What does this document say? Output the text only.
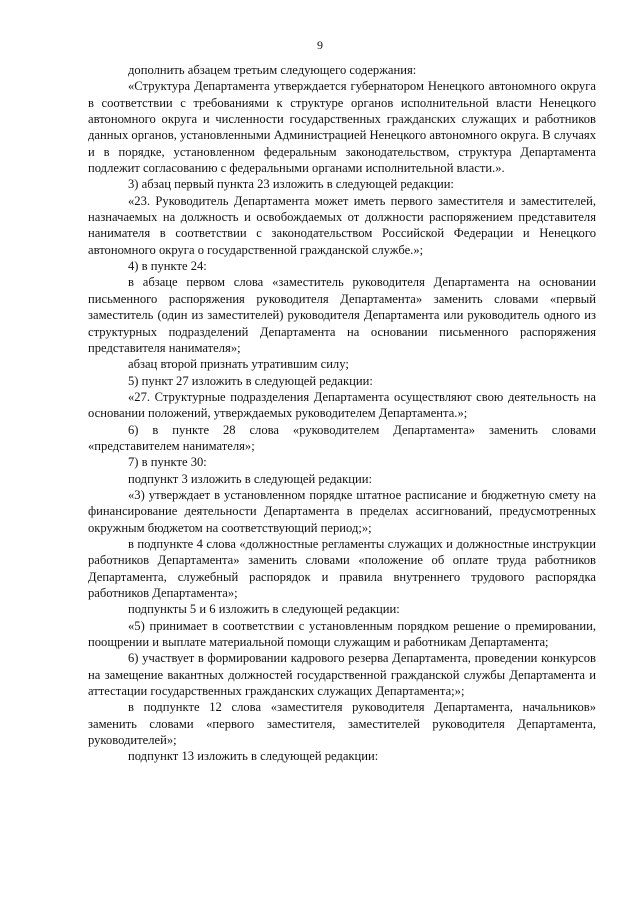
9

дополнить абзацем третьим следующего содержания:

«Структура Департамента утверждается губернатором Ненецкого автономного округа в соответствии с требованиями к структуре органов исполнительной власти Ненецкого автономного округа и численности государственных гражданских служащих и работников данных органов, установленными Администрацией Ненецкого автономного округа. В случаях и в порядке, установленном федеральным законодательством, структура Департамента подлежит согласованию с федеральными органами исполнительной власти.».

3) абзац первый пункта 23 изложить в следующей редакции:

«23. Руководитель Департамента может иметь первого заместителя и заместителей, назначаемых на должность и освобождаемых от должности распоряжением представителя нанимателя в соответствии с законодательством Российской Федерации и Ненецкого автономного округа о государственной гражданской службе.»;

4) в пункте 24:

в абзаце первом слова «заместитель руководителя Департамента на основании письменного распоряжения руководителя Департамента» заменить словами «первый заместитель (один из заместителей) руководителя Департамента или руководитель одного из структурных подразделений Департамента на основании письменного распоряжения представителя нанимателя»;

абзац второй признать утратившим силу;

5) пункт 27 изложить в следующей редакции:

«27. Структурные подразделения Департамента осуществляют свою деятельность на основании положений, утверждаемых руководителем Департамента.»;

6) в пункте 28 слова «руководителем Департамента» заменить словами «представителем нанимателя»;

7) в пункте 30:

подпункт 3 изложить в следующей редакции:

«3) утверждает в установленном порядке штатное расписание и бюджетную смету на финансирование деятельности Департамента в пределах ассигнований, предусмотренных окружным бюджетом на соответствующий период;»;

в подпункте 4 слова «должностные регламенты служащих и должностные инструкции работников Департамента» заменить словами «положение об оплате труда работников Департамента, служебный распорядок и правила внутреннего трудового распорядка работников Департамента»;

подпункты 5 и 6 изложить в следующей редакции:

«5) принимает в соответствии с установленным порядком решение о премировании, поощрении и выплате материальной помощи служащим и работникам Департамента;

6) участвует в формировании кадрового резерва Департамента, проведении конкурсов на замещение вакантных должностей государственной гражданской службы Департамента и аттестации государственных гражданских служащих Департамента;»;

в подпункте 12 слова «заместителя руководителя Департамента, начальников» заменить словами «первого заместителя, заместителей руководителя Департамента, руководителей»;

подпункт 13 изложить в следующей редакции:
